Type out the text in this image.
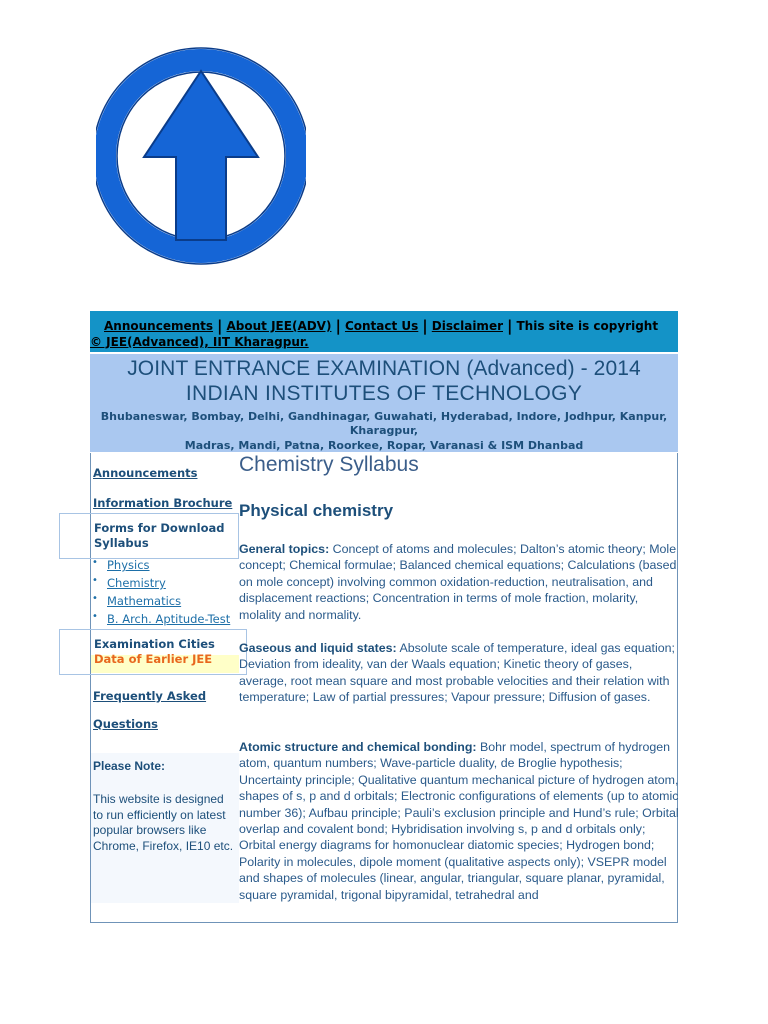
Announcements | About JEE(ADV) | Contact Us | Disclaimer | This site is copyright
© JEE(Advanced), IIT Kharagpur.
JOINT ENTRANCE EXAMINATION (Advanced) - 2014
INDIAN INSTITUTES OF TECHNOLOGY
Bhubaneswar, Bombay, Delhi, Gandhinagar, Guwahati, Hyderabad, Indore, Jodhpur, Kanpur,
Kharagpur,
Madras, Mandi, Patna, Roorkee, Ropar, Varanasi & ISM Dhanbad
Announcements
Information Brochure
Forms for Download
Syllabus
• Physics
• Chemistry
• Mathematics
• B. Arch. Aptitude-Test
Examination Cities
Data of Earlier JEE
Frequently Asked
Questions
Please Note:
This website is designed to run efficiently on latest popular browsers like Chrome, Firefox, IE10 etc.
Chemistry Syllabus
Physical chemistry
General topics: Concept of atoms and molecules; Dalton’s atomic theory; Mole concept; Chemical formulae; Balanced chemical equations; Calculations (based on mole concept) involving common oxidation-reduction, neutralisation, and displacement reactions; Concentration in terms of mole fraction, molarity, molality and normality.
Gaseous and liquid states: Absolute scale of temperature, ideal gas equation; Deviation from ideality, van der Waals equation; Kinetic theory of gases, average, root mean square and most probable velocities and their relation with temperature; Law of partial pressures; Vapour pressure; Diffusion of gases.
Atomic structure and chemical bonding: Bohr model, spectrum of hydrogen atom, quantum numbers; Wave-particle duality, de Broglie hypothesis; Uncertainty principle; Qualitative quantum mechanical picture of hydrogen atom, shapes of s, p and d orbitals; Electronic configurations of elements (up to atomic number 36); Aufbau principle; Pauli’s exclusion principle and Hund’s rule; Orbital overlap and covalent bond; Hybridisation involving s, p and d orbitals only; Orbital energy diagrams for homonuclear diatomic species; Hydrogen bond; Polarity in molecules, dipole moment (qualitative aspects only); VSEPR model and shapes of molecules (linear, angular, triangular, square planar, pyramidal, square pyramidal, trigonal bipyramidal, tetrahedral and
